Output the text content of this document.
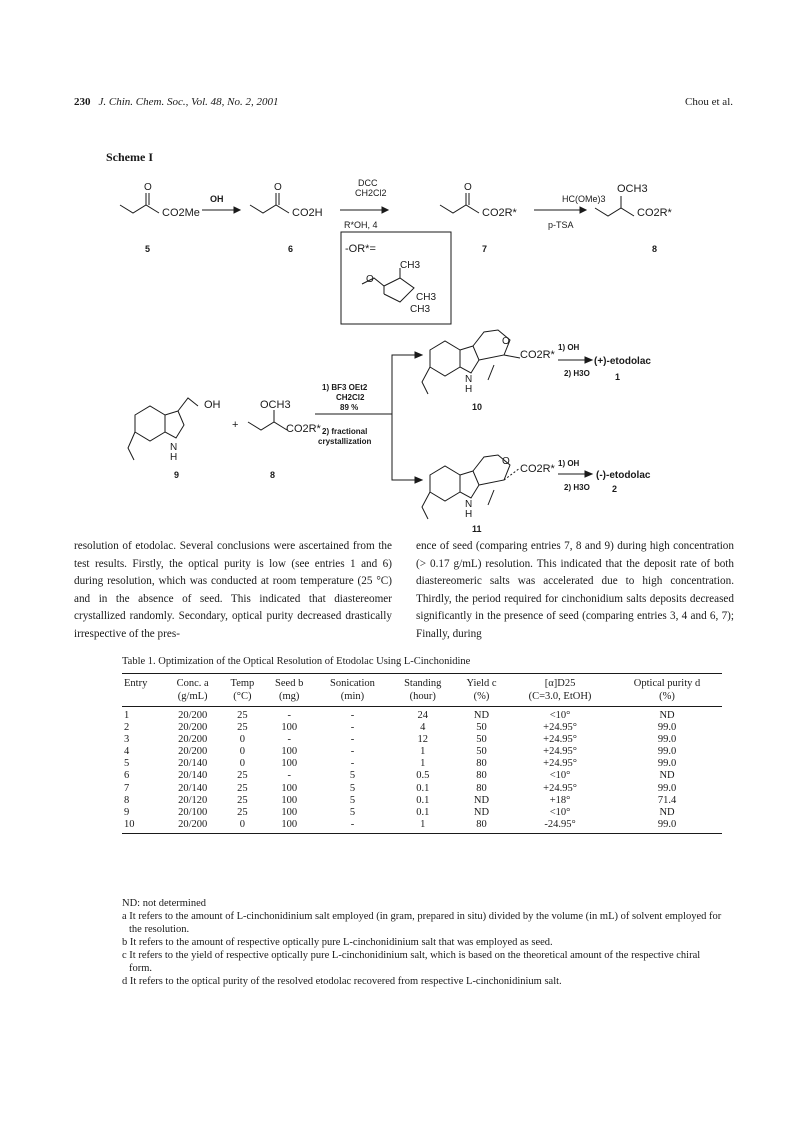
230 J. Chin. Chem. Soc., Vol. 48, No. 2, 2001	Chou et al.
Scheme I
O
CO2Me
5
OH
O
CO2H
6
DCC
CH2Cl2
R*OH, 4
O
CO2R*
7
HC(OMe)3
p-TSA
OCH3
CO2R*
8
-OR*=
CH3
O
CH3
CH3
OH
N
H
9
+
OCH3
CO2R*
8
1) BF3 OEt2
CH2Cl2
89 %
2) fractional
crystallization
O
CO2R*
N
H
10
1) OH
2) H3O
(+)-etodolac
1
O
CO2R*
N
H
11
1) OH
2) H3O
(-)-etodolac
2
resolution of etodolac. Several conclusions were ascertained from the test results. Firstly, the optical purity is low (see entries 1 and 6) during resolution, which was conducted at room temperature (25 °C) and in the absence of seed. This indicated that diastereomer crystallized randomly. Secondary, optical purity decreased drastically irrespective of the pres-
ence of seed (comparing entries 7, 8 and 9) during high concentration (> 0.17 g/mL) resolution. This indicated that the deposit rate of both diastereomeric salts was accelerated due to high concentration. Thirdly, the period required for cinchonidium salts deposits decreased significantly in the presence of seed (comparing entries 3, 4 and 6, 7); Finally, during
Table 1. Optimization of the Optical Resolution of Etodolac Using L-Cinchonidine
Entry	Conc. a	Temp	Seed b	Sonication	Standing	Yield c	[α]D25	Optical purity d
	(g/mL)	(°C)	(mg)	(min)	(hour)	(%)	(C=3.0, EtOH)	(%)
1	20/200	25	-	-	24	ND	<10°	ND
2	20/200	25	100	-	4	50	+24.95°	99.0
3	20/200	0	-	-	12	50	+24.95°	99.0
4	20/200	0	100	-	1	50	+24.95°	99.0
5	20/140	0	100	-	1	80	+24.95°	99.0
6	20/140	25	-	5	0.5	80	<10°	ND
7	20/140	25	100	5	0.1	80	+24.95°	99.0
8	20/120	25	100	5	0.1	ND	+18°	71.4
9	20/100	25	100	5	0.1	ND	<10°	ND
10	20/200	0	100	-	1	80	-24.95°	99.0
ND: not determined
a It refers to the amount of L-cinchonidinium salt employed (in gram, prepared in situ) divided by the volume (in mL) of solvent employed for the resolution.
b It refers to the amount of respective optically pure L-cinchonidinium salt that was employed as seed.
c It refers to the yield of respective optically pure L-cinchonidinium salt, which is based on the theoretical amount of the respective chiral form.
d It refers to the optical purity of the resolved etodolac recovered from respective L-cinchonidinium salt.
